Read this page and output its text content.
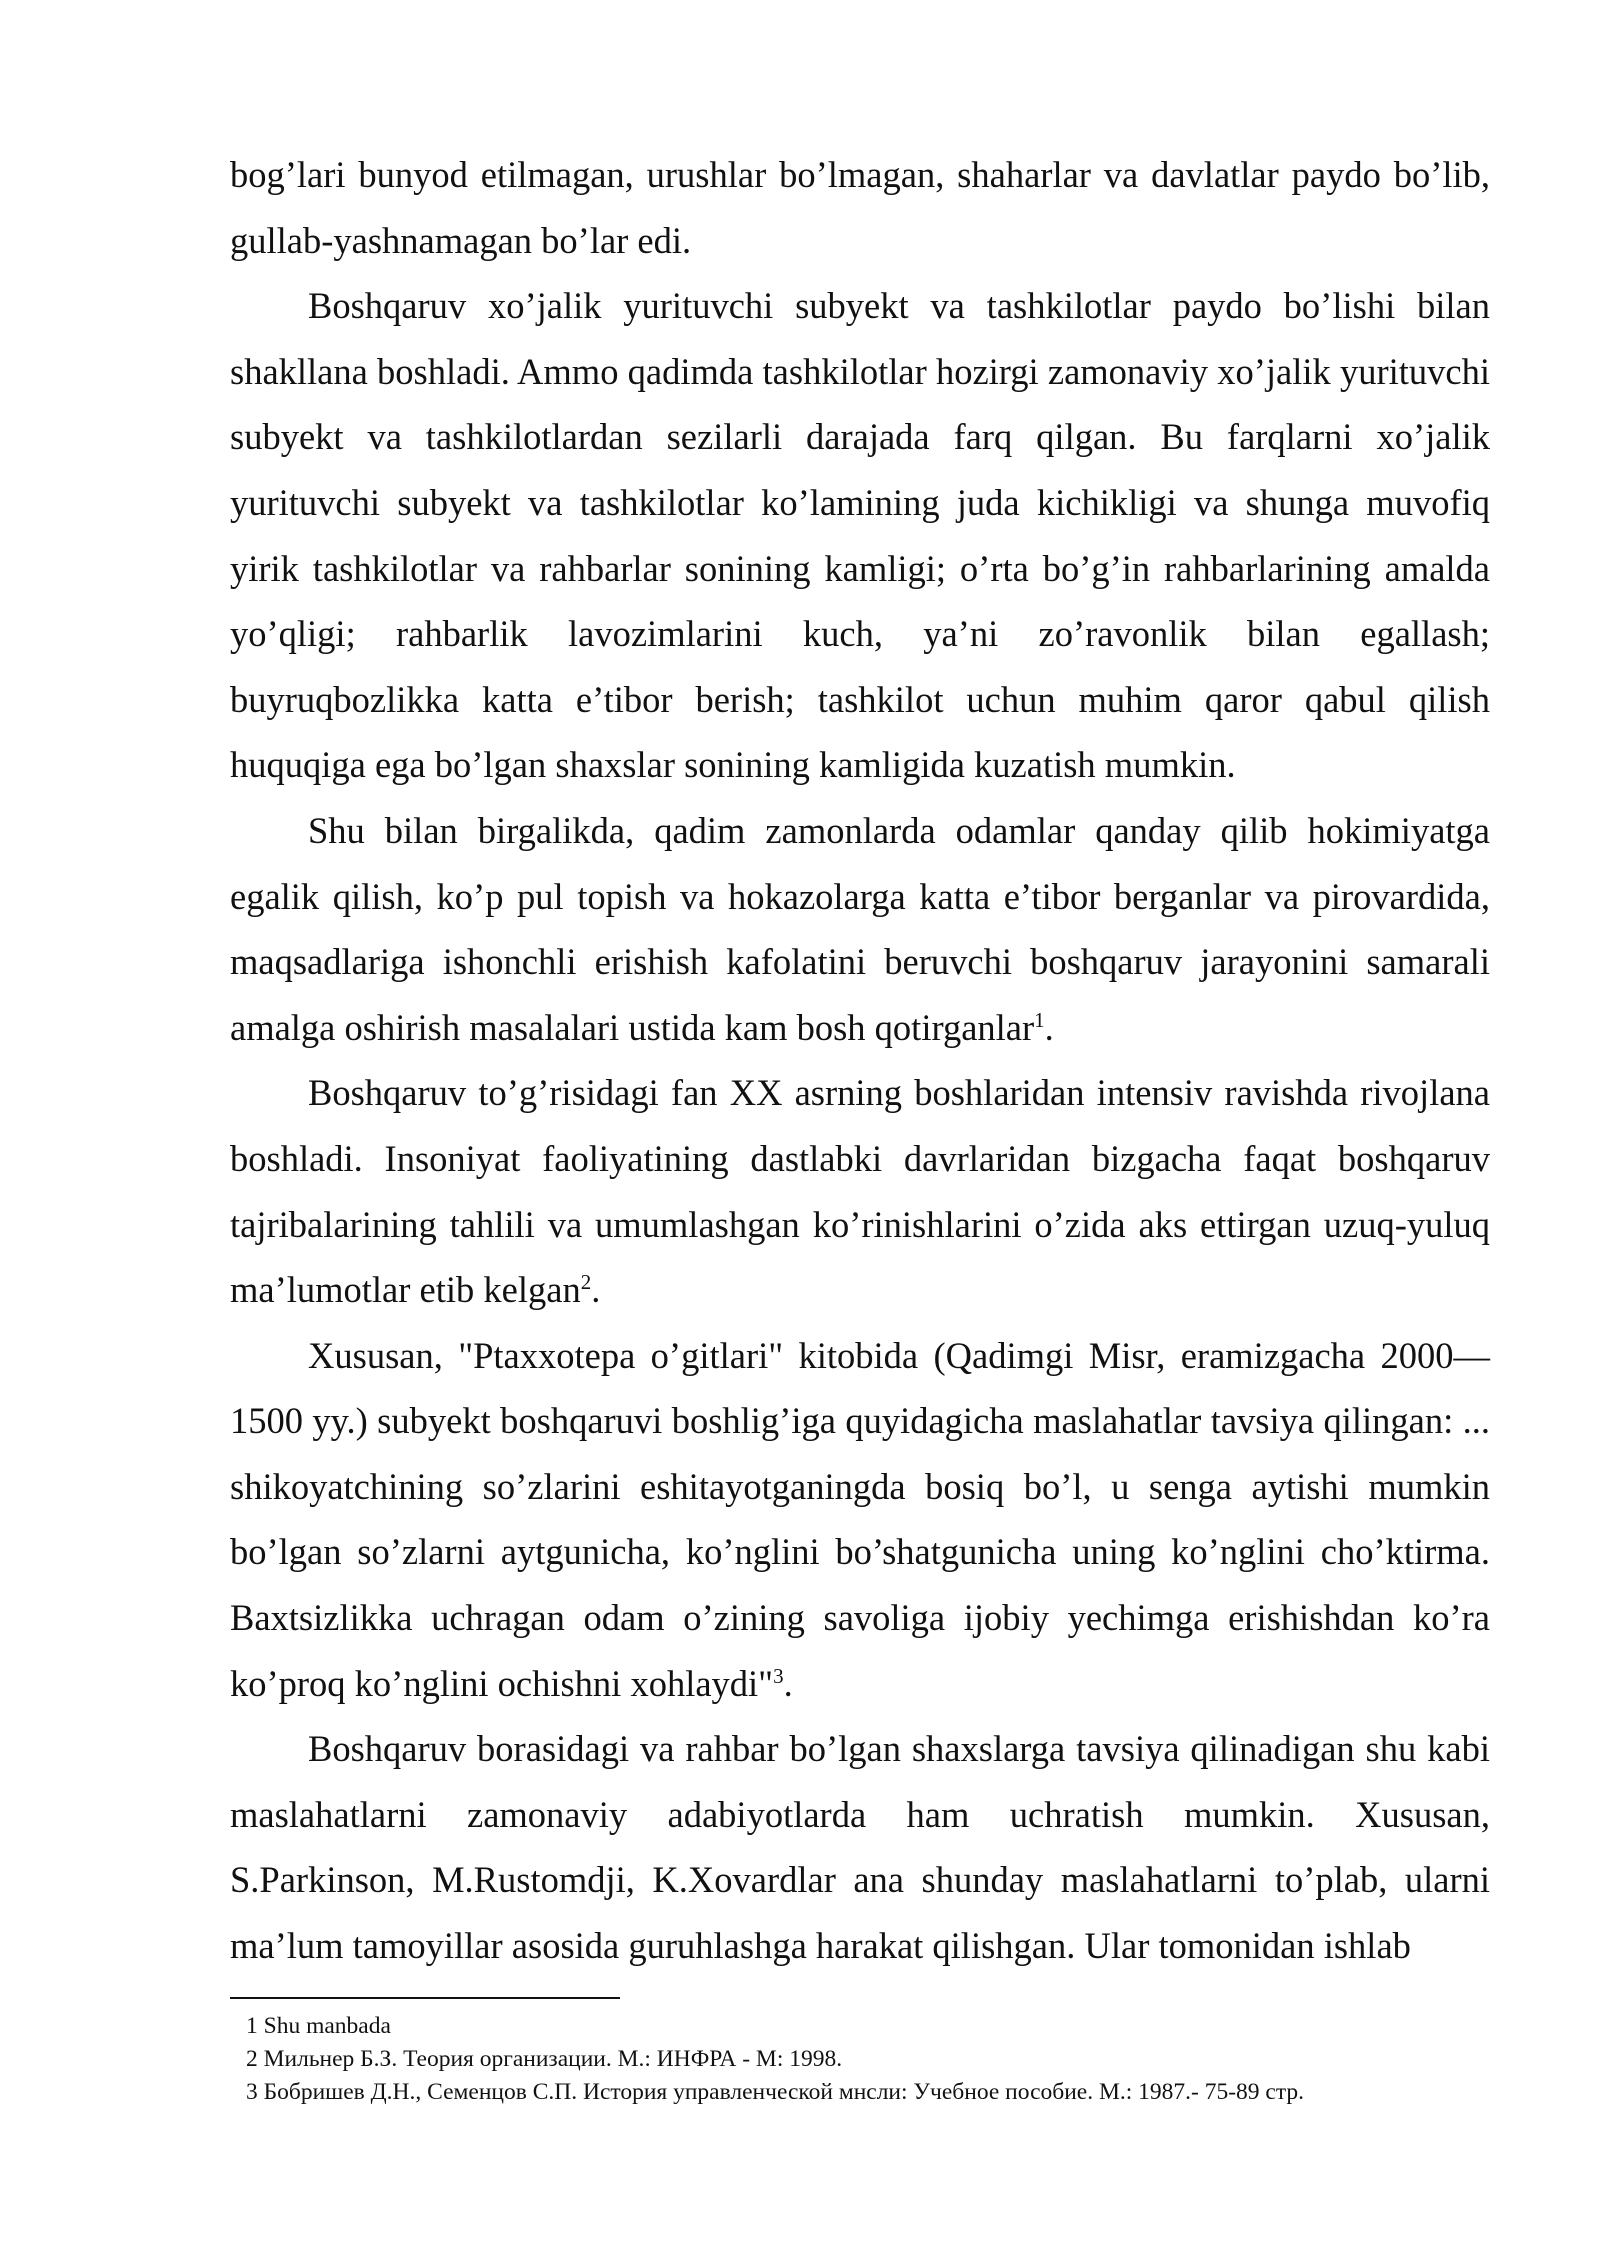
bog’lari bunyod etilmagan, urushlar bo’lmagan, shaharlar va davlatlar paydo bo’lib, gullab-yashnamagan bo’lar edi.

Boshqaruv xo’jalik yurituvchi subyekt va tashkilotlar paydo bo’lishi bilan shakllana boshladi. Ammo qadimda tashkilotlar hozirgi zamonaviy xo’jalik yurituvchi subyekt va tashkilotlardan sezilarli darajada farq qilgan. Bu farqlarni xo’jalik yurituvchi subyekt va tashkilotlar ko’lamining juda kichikligi va shunga muvofiq yirik tashkilotlar va rahbarlar sonining kamligi; o’rta bo’g’in rahbarlarining amalda yo’qligi; rahbarlik lavozimlarini kuch, ya’ni zo’ravonlik bilan egallash; buyruqbozlikka katta e’tibor berish; tashkilot uchun muhim qaror qabul qilish huquqiga ega bo’lgan shaxslar sonining kamligida kuzatish mumkin.

Shu bilan birgalikda, qadim zamonlarda odamlar qanday qilib hokimiyatga egalik qilish, ko’p pul topish va hokazolarga katta e’tibor berganlar va pirovardida, maqsadlariga ishonchli erishish kafolatini beruvchi boshqaruv jarayonini samarali amalga oshirish masalalari ustida kam bosh qotirganlar$^1$.

Boshqaruv to’g’risidagi fan XX asrning boshlaridan intensiv ravishda rivojlana boshladi. Insoniyat faoliyatining dastlabki davrlaridan bizgacha faqat boshqaruv tajribalarining tahlili va umumlashgan ko’rinishlarini o’zida aks ettirgan uzuq-yuluq ma’lumotlar etib kelgan$^2$.

Xususan, "Ptaxxotepa o’gitlari" kitobida (Qadimgi Misr, eramizgacha 2000—1500 yy.) subyekt boshqaruvi boshlig’iga quyidagicha maslahatlar tavsiya qilingan: ... shikoyatchining so’zlarini eshitayotganingda bosiq bo’l, u senga aytishi mumkin bo’lgan so’zlarni aytgunicha, ko’nglini bo’shatgunicha uning ko’nglini cho’ktirma. Baxtsizlikka uchragan odam o’zining savoliga ijobiy yechimga erishishdan ko’ra ko’proq ko’nglini ochishni xohlaydi"$^3$.

Boshqaruv borasidagi va rahbar bo’lgan shaxslarga tavsiya qilinadigan shu kabi maslahatlarni zamonaviy adabiyotlarda ham uchratish mumkin. Xususan, S.Parkinson, M.Rustomdji, K.Xovardlar ana shunday maslahatlarni to’plab, ularni ma’lum tamoyillar asosida guruhlashga harakat qilishgan. Ular tomonidan ishlab

1 Shu manbada

2 Мильнер Б.З. Теория организации. М.: ИНФРА - М: 1998.

3 Бобришев Д.Н., Семенцов С.П. История управленческой мнсли: Учебное пособие. М.: 1987.- 75-89 стр.
